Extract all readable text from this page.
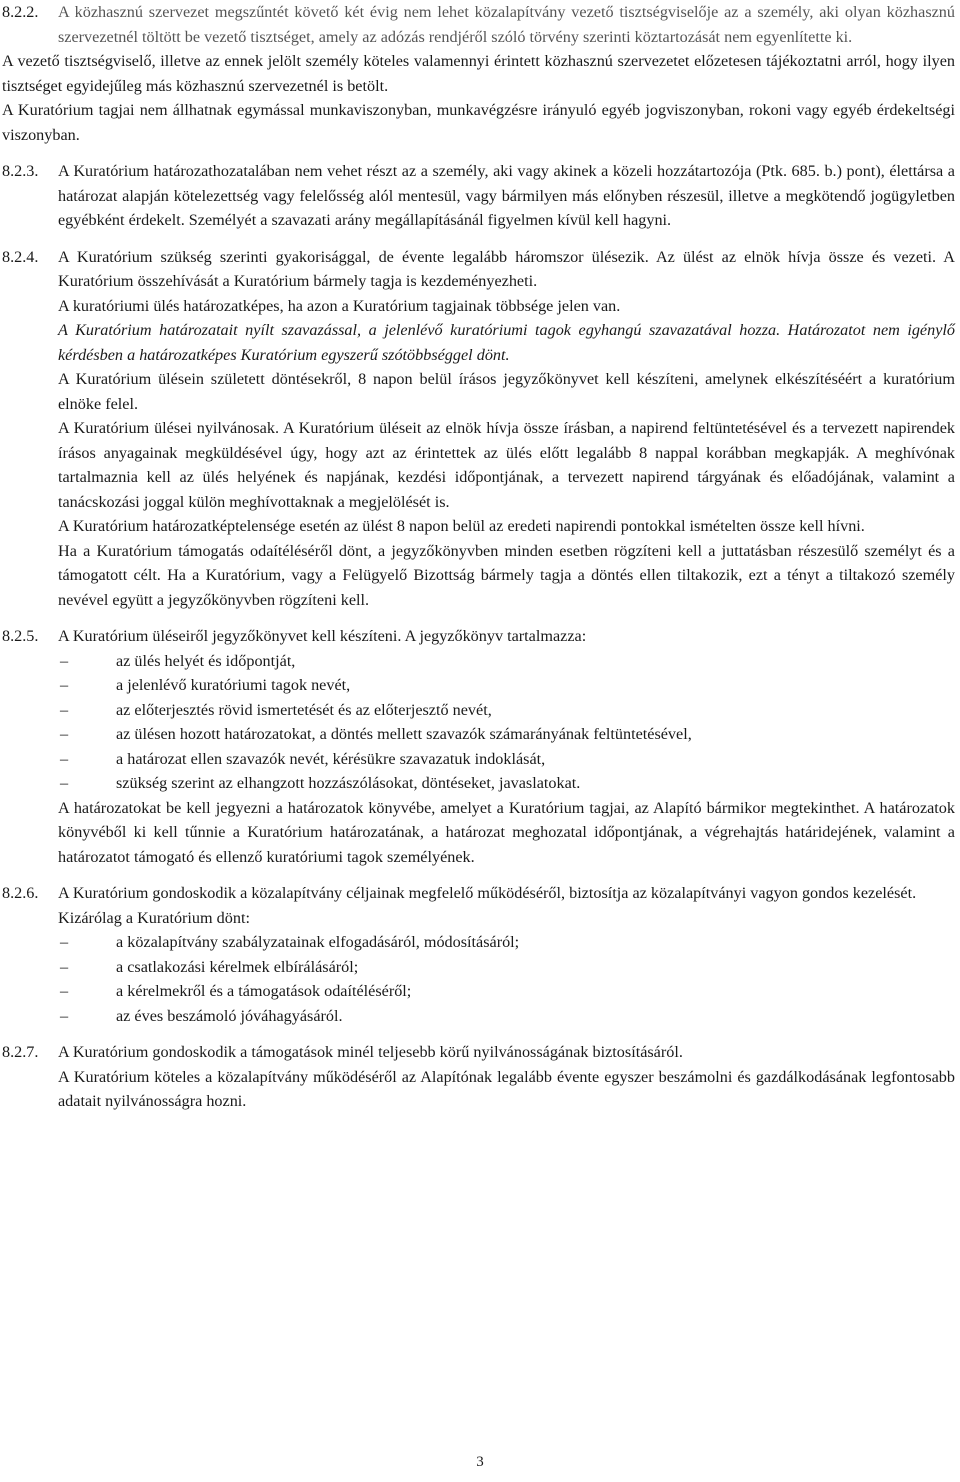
8.2.2.	A közhasznú szervezet megszűntét követő két évig nem lehet közalapítvány vezető tisztségviselője az a személy, aki olyan közhasznú szervezetnél töltött be vezető tisztséget, amely az adózás rendjéről szóló törvény szerinti köztartozását nem egyenlítette ki.

A vezető tisztségviselő, illetve az ennek jelölt személy köteles valamennyi érintett közhasznú szervezetet előzetesen tájékoztatni arról, hogy ilyen tisztséget egyidejűleg más közhasznú szervezetnél is betölt.

A Kuratórium tagjai nem állhatnak egymással munkaviszonyban, munkavégzésre irányuló egyéb jogviszonyban, rokoni vagy egyéb érdekeltségi viszonyban.

8.2.3.	A Kuratórium határozathozatalában nem vehet részt az a személy, aki vagy akinek a közeli hozzátartozója (Ptk. 685. b.) pont), élettársa a határozat alapján kötelezettség vagy felelősség alól mentesül, vagy bármilyen más előnyben részesül, illetve a megkötendő jogügyletben egyébként érdekelt. Személyét a szavazati arány megállapításánál figyelmen kívül kell hagyni.

8.2.4.	A Kuratórium szükség szerinti gyakorisággal, de évente legalább háromszor ülésezik. Az ülést az elnök hívja össze és vezeti. A Kuratórium összehívását a Kuratórium bármely tagja is kezdeményezheti.

A kuratóriumi ülés határozatképes, ha azon a Kuratórium tagjainak többsége jelen van.

A Kuratórium határozatait nyílt szavazással, a jelenlévő kuratóriumi tagok egyhangú szavazatával hozza. Határozatot nem igénylő kérdésben a határozatképes Kuratórium egyszerű szótöbbséggel dönt.

A Kuratórium ülésein született döntésekről, 8 napon belül írásos jegyzőkönyvet kell készíteni, amelynek elkészítéséért a kuratórium elnöke felel.

A Kuratórium ülései nyilvánosak. A Kuratórium üléseit az elnök hívja össze írásban, a napirend feltüntetésével és a tervezett napirendek írásos anyagainak megküldésével úgy, hogy azt az érintettek az ülés előtt legalább 8 nappal korábban megkapják. A meghívónak tartalmaznia kell az ülés helyének és napjának, kezdési időpontjának, a tervezett napirend tárgyának és előadójának, valamint a tanácskozási joggal külön meghívottaknak a megjelölését is.

A Kuratórium határozatképtelensége esetén az ülést 8 napon belül az eredeti napirendi pontokkal ismételten össze kell hívni.

Ha a Kuratórium támogatás odaítéléséről dönt, a jegyzőkönyvben minden esetben rögzíteni kell a juttatásban részesülő személyt és a támogatott célt. Ha a Kuratórium, vagy a Felügyelő Bizottság bármely tagja a döntés ellen tiltakozik, ezt a tényt a tiltakozó személy nevével együtt a jegyzőkönyvben rögzíteni kell.

8.2.5.	A Kuratórium üléseiről jegyzőkönyvet kell készíteni. A jegyzőkönyv tartalmazza:

–	az ülés helyét és időpontját,
–	a jelenlévő kuratóriumi tagok nevét,
–	az előterjesztés rövid ismertetését és az előterjesztő nevét,
–	az ülésen hozott határozatokat, a döntés mellett szavazók számarányának feltüntetésével,
–	a határozat ellen szavazók nevét, kérésükre szavazatuk indoklását,
–	szükség szerint az elhangzott hozzászólásokat, döntéseket, javaslatokat.

A határozatokat be kell jegyezni a határozatok könyvébe, amelyet a Kuratórium tagjai, az Alapító bármikor megtekinthet. A határozatok könyvéből ki kell tűnnie a Kuratórium határozatának, a határozat meghozatal időpontjának, a végrehajtás határidejének, valamint a határozatot támogató és ellenző kuratóriumi tagok személyének.

8.2.6.	A Kuratórium gondoskodik a közalapítvány céljainak megfelelő működéséről, biztosítja az közalapítványi vagyon gondos kezelését.

Kizárólag a Kuratórium dönt:

–	a közalapítvány szabályzatainak elfogadásáról, módosításáról;
–	a csatlakozási kérelmek elbírálásáról;
–	a kérelmekről és a támogatások odaítéléséről;
–	az éves beszámoló jóváhagyásáról.
8.2.7.	A Kuratórium gondoskodik a támogatások minél teljesebb körű nyilvánosságának biztosításáról.

A Kuratórium köteles a közalapítvány működéséről az Alapítónak legalább évente egyszer beszámolni és gazdálkodásának legfontosabb adatait nyilvánosságra hozni.

3
